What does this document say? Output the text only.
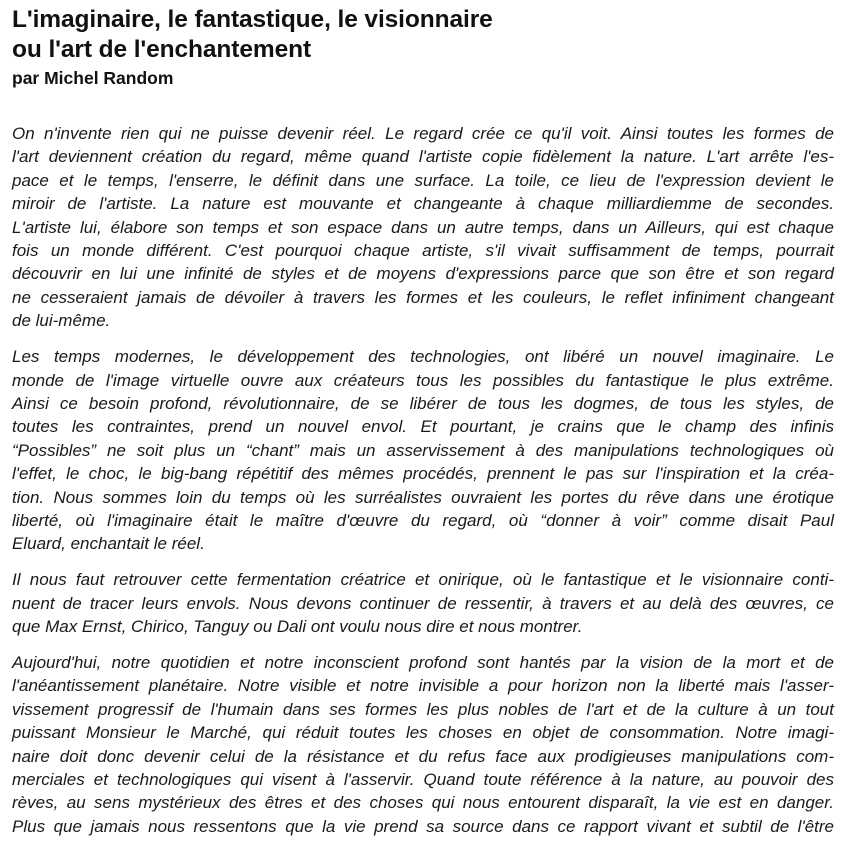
L'imaginaire, le fantastique, le visionnaire
ou l'art de l'enchantement

par Michel Random

On n'invente rien qui ne puisse devenir réel. Le regard crée ce qu'il voit. Ainsi toutes les formes de
l'art deviennent création du regard, même quand l'artiste copie fidèlement la nature. L'art arrête l'es-
pace et le temps, l'enserre, le définit dans une surface. La toile, ce lieu de l'expression devient le
miroir de l'artiste. La nature est mouvante et changeante à chaque milliardiemme de secondes.
L'artiste lui, élabore son temps et son espace dans un autre temps, dans un Ailleurs, qui est chaque
fois un monde différent. C'est pourquoi chaque artiste, s'il vivait suffisamment de temps, pourrait
découvrir en lui une infinité de styles et de moyens d'expressions parce que son être et son regard
ne cesseraient jamais de dévoiler à travers les formes et les couleurs, le reflet infiniment changeant
de lui-même.

Les temps modernes, le développement des technologies, ont libéré un nouvel imaginaire. Le
monde de l'image virtuelle ouvre aux créateurs tous les possibles du fantastique le plus extrême.
Ainsi ce besoin profond, révolutionnaire, de se libérer de tous les dogmes, de tous les styles, de
toutes les contraintes, prend un nouvel envol. Et pourtant, je crains que le champ des infinis
“Possibles” ne soit plus un “chant” mais un asservissement à des manipulations technologiques où
l'effet, le choc, le big-bang répétitif des mêmes procédés, prennent le pas sur l'inspiration et la créa-
tion. Nous sommes loin du temps où les surréalistes ouvraient les portes du rêve dans une érotique
liberté, où l'imaginaire était le maître d'œuvre du regard, où “donner à voir” comme disait Paul
Eluard, enchantait le réel.

Il nous faut retrouver cette fermentation créatrice et onirique, où le fantastique et le visionnaire conti-
nuent de tracer leurs envols. Nous devons continuer de ressentir, à travers et au delà des œuvres, ce
que Max Ernst, Chirico, Tanguy ou Dali ont voulu nous dire et nous montrer.

Aujourd'hui, notre quotidien et notre inconscient profond sont hantés par la vision de la mort et de
l'anéantissement planétaire. Notre visible et notre invisible a pour horizon non la liberté mais l'asser-
vissement progressif de l'humain dans ses formes les plus nobles de l'art et de la culture à un tout
puissant Monsieur le Marché, qui réduit toutes les choses en objet de consommation. Notre imagi-
naire doit donc devenir celui de la résistance et du refus face aux prodigieuses manipulations com-
merciales et technologiques qui visent à l'asservir. Quand toute référence à la nature, au pouvoir des
rèves, au sens mystérieux des êtres et des choses qui nous entourent disparaît, la vie est en danger.
Plus que jamais nous ressentons que la vie prend sa source dans ce rapport vivant et subtil de l'être
